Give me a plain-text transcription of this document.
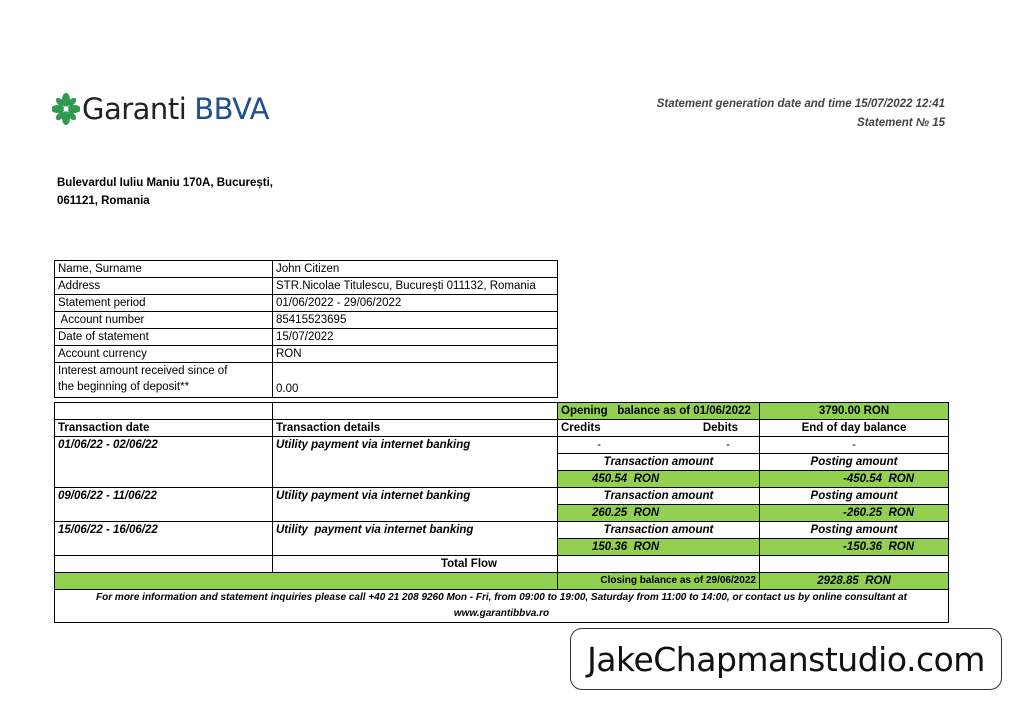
Garanti BBVA	Statement generation date and time 15/07/2022 12:41
Statement № 15
Bulevardul Iuliu Maniu 170A, București,
061121, Romania
Name, Surname	John Citizen
Address	STR.Nicolae Titulescu, București 011132, Romania
Statement period	01/06/2022 - 29/06/2022
Account number	85415523695
Date of statement	15/07/2022
Account currency	RON

Interest amount received since of
the beginning of deposit**	0.00
		Opening   balance as of 01/06/2022	3790.00 RON
Transaction date	Transaction details	Credits Debits	End of day balance
01/06/22 - 02/06/22	Utility payment via internet banking	- -	-
		Transaction amount	Posting amount
		450.54  RON	-450.54  RON
09/06/22 - 11/06/22	Utility payment via internet banking	Transaction amount	Posting amount
		260.25  RON	-260.25  RON
15/06/22 - 16/06/22	Utility  payment via internet banking	Transaction amount	Posting amount
		150.36  RON	-150.36  RON
	Total Flow		
		Closing balance as of 29/06/2022	2928.85  RON

For more information and statement inquiries please call +40 21 208 9260 Mon - Fri, from 09:00 to 19:00, Saturday from 11:00 to 14:00, or contact us by online consultant at
www.garantibbva.ro			
JakeChapmanstudio.com
